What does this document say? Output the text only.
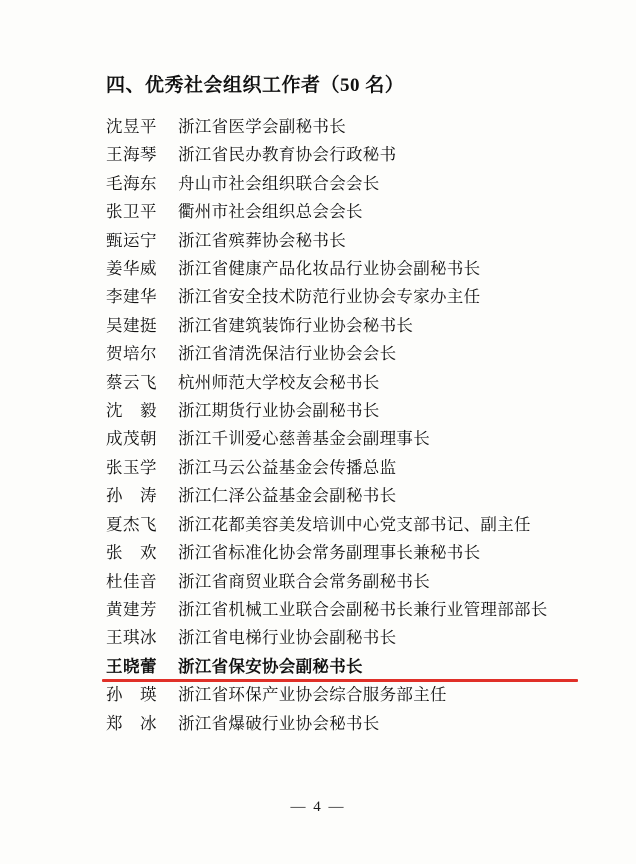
四、优秀社会组织工作者（50 名）
沈昱平	浙江省医学会副秘书长
王海琴	浙江省民办教育协会行政秘书
毛海东	舟山市社会组织联合会会长
张卫平	衢州市社会组织总会会长
甄运宁	浙江省殡葬协会秘书长
姜华威	浙江省健康产品化妆品行业协会副秘书长
李建华	浙江省安全技术防范行业协会专家办主任
吴建挺	浙江省建筑装饰行业协会秘书长
贺培尔	浙江省清洗保洁行业协会会长
蔡云飞	杭州师范大学校友会秘书长
沈　毅	浙江期货行业协会副秘书长
成茂朝	浙江千训爱心慈善基金会副理事长
张玉学	浙江马云公益基金会传播总监
孙　涛	浙江仁泽公益基金会副秘书长
夏杰飞	浙江花都美容美发培训中心党支部书记、副主任
张　欢	浙江省标准化协会常务副理事长兼秘书长
杜佳音	浙江省商贸业联合会常务副秘书长
黄建芳	浙江省机械工业联合会副秘书长兼行业管理部部长
王琪冰	浙江省电梯行业协会副秘书长
王晓蕾	浙江省保安协会副秘书长
孙　瑛	浙江省环保产业协会综合服务部主任
郑　冰	浙江省爆破行业协会秘书长
— 4 —
